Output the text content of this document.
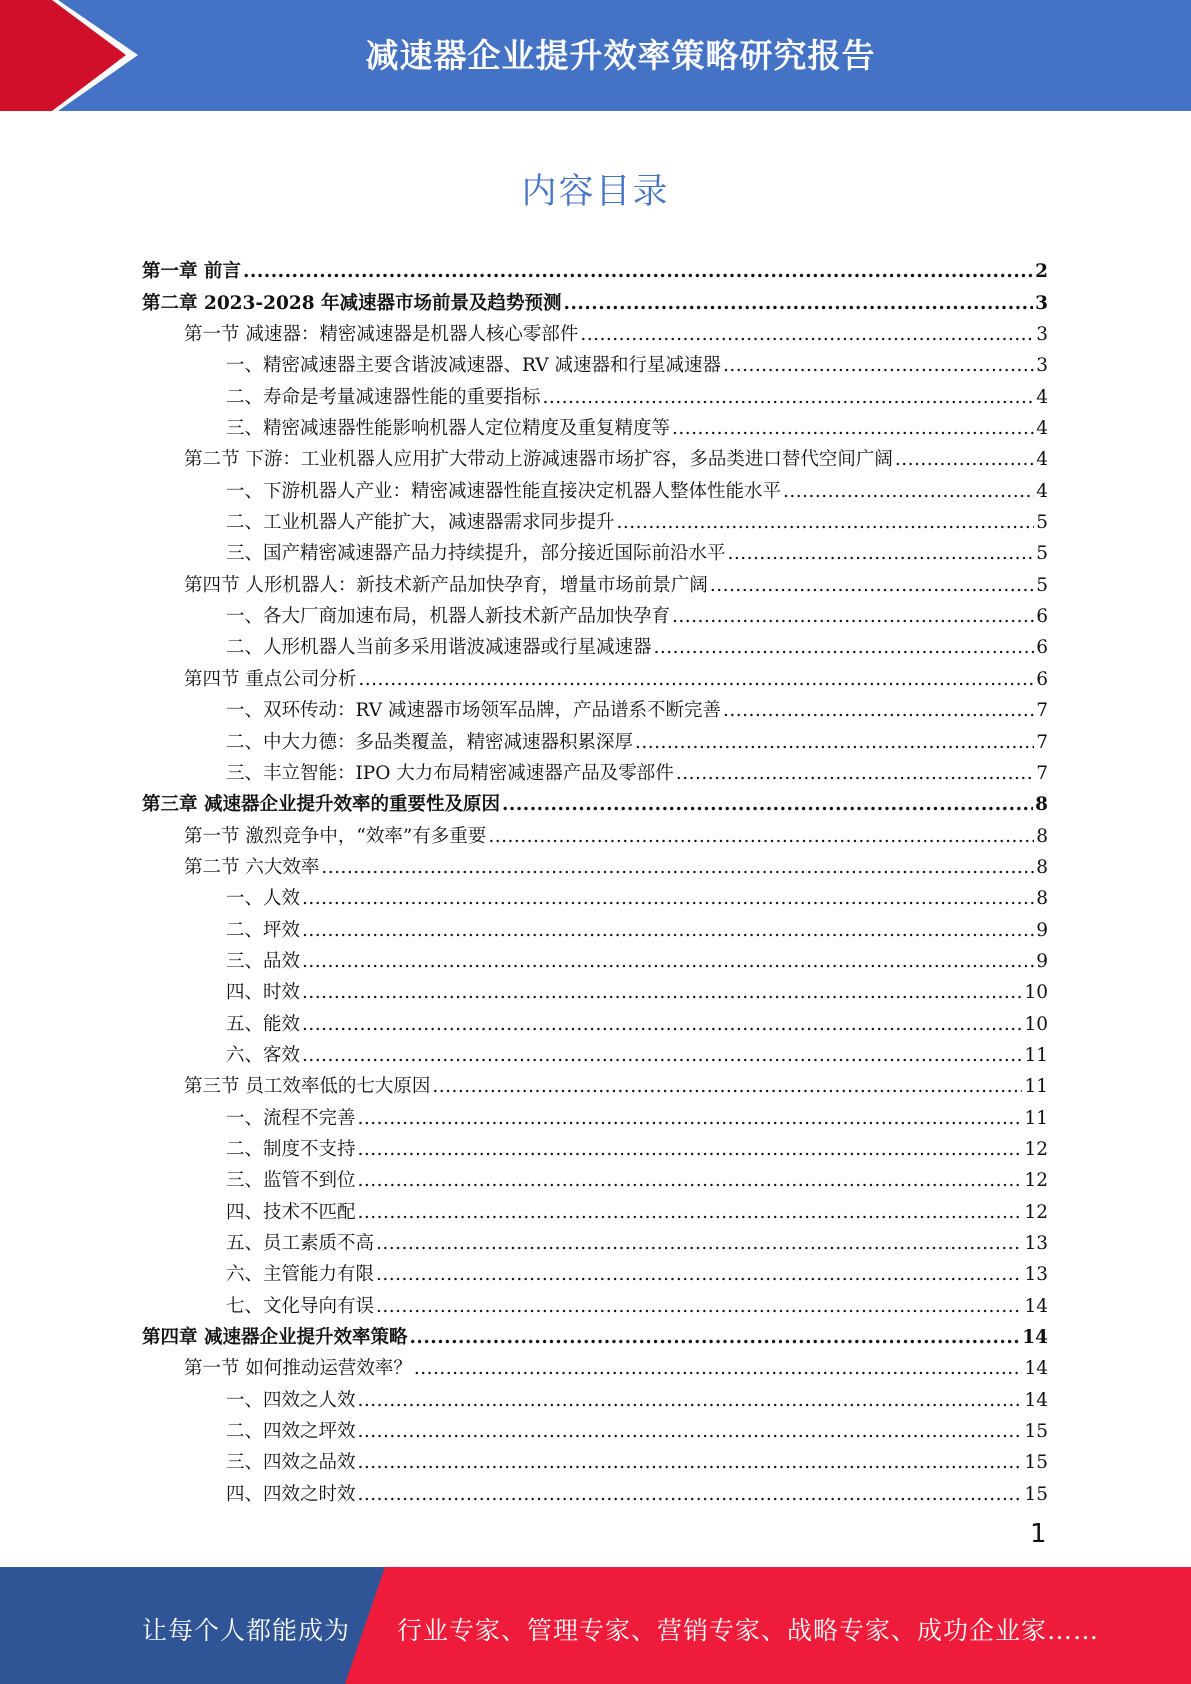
减速器企业提升效率策略研究报告
内容目录
第一章 前言 .....	2
第二章 2023-2028 年减速器市场前景及趋势预测 .....	3
第一节 减速器：精密减速器是机器人核心零部件 .....	3
一、精密减速器主要含谐波减速器、RV 减速器和行星减速器 .....	3
二、寿命是考量减速器性能的重要指标 .....	4
三、精密减速器性能影响机器人定位精度及重复精度等 .....	4
第二节 下游：工业机器人应用扩大带动上游减速器市场扩容，多品类进口替代空间广阔 .....	4
一、下游机器人产业：精密减速器性能直接决定机器人整体性能水平 .....	4
二、工业机器人产能扩大，减速器需求同步提升 .....	5
三、国产精密减速器产品力持续提升，部分接近国际前沿水平 .....	5
第四节 人形机器人：新技术新产品加快孕育，增量市场前景广阔 .....	5
一、各大厂商加速布局，机器人新技术新产品加快孕育 .....	6
二、人形机器人当前多采用谐波减速器或行星减速器 .....	6
第四节 重点公司分析 .....	6
一、双环传动：RV 减速器市场领军品牌，产品谱系不断完善 .....	7
二、中大力德：多品类覆盖，精密减速器积累深厚 .....	7
三、丰立智能：IPO 大力布局精密减速器产品及零部件 .....	7
第三章 减速器企业提升效率的重要性及原因 .....	8
第一节 激烈竞争中，“效率”有多重要 .....	8
第二节 六大效率 .....	8
一、人效 .....	8
二、坪效 .....	9
三、品效 .....	9
四、时效 .....	10
五、能效 .....	10
六、客效 .....	11
第三节 员工效率低的七大原因 .....	11
一、流程不完善 .....	11
二、制度不支持 .....	12
三、监管不到位 .....	12
四、技术不匹配 .....	12
五、员工素质不高 .....	13
六、主管能力有限 .....	13
七、文化导向有误 .....	14
第四章 减速器企业提升效率策略 .....	14
第一节 如何推动运营效率？ .....	14
一、四效之人效 .....	14
二、四效之坪效 .....	15
三、四效之品效 .....	15
四、四效之时效 .....	15
1
让每个人都能成为 行业专家、管理专家、营销专家、战略专家、成功企业家……
